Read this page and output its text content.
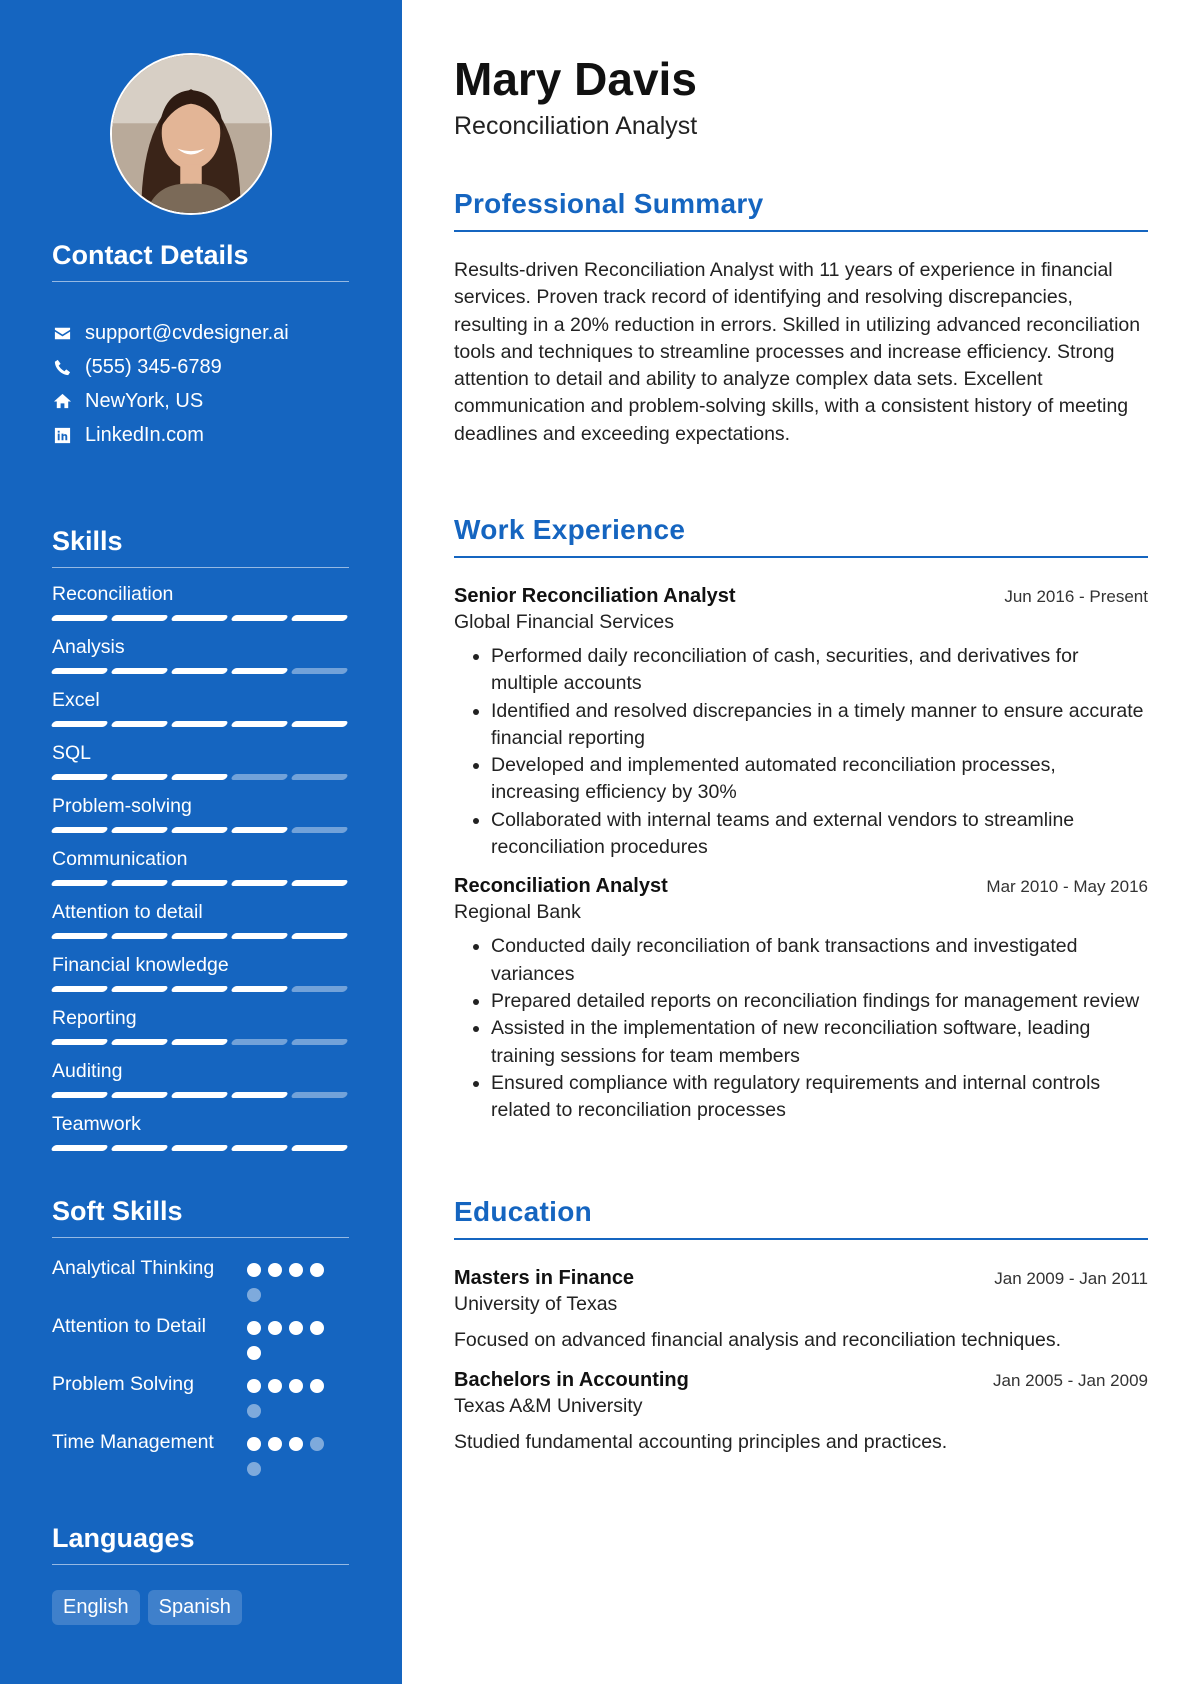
Contact Details
support@cvdesigner.ai
(555) 345-6789
NewYork, US
LinkedIn.com
Skills
Reconciliation
Analysis
Excel
SQL
Problem-solving
Communication
Attention to detail
Financial knowledge
Reporting
Auditing
Teamwork
Soft Skills
Analytical Thinking
Attention to Detail
Problem Solving
Time Management
Languages
English	Spanish
Mary Davis
Reconciliation Analyst
Professional Summary

Results-driven Reconciliation Analyst with 11 years of experience in financial services. Proven track record of identifying and resolving discrepancies, resulting in a 20% reduction in errors. Skilled in utilizing advanced reconciliation tools and techniques to streamline processes and increase efficiency. Strong attention to detail and ability to analyze complex data sets. Excellent communication and problem-solving skills, with a consistent history of meeting deadlines and exceeding expectations.

Work Experience
Senior Reconciliation Analyst	Jun 2016 - Present
Global Financial Services
• Performed daily reconciliation of cash, securities, and derivatives for multiple accounts
• Identified and resolved discrepancies in a timely manner to ensure accurate financial reporting
• Developed and implemented automated reconciliation processes, increasing efficiency by 30%
• Collaborated with internal teams and external vendors to streamline reconciliation procedures
Reconciliation Analyst	Mar 2010 - May 2016
Regional Bank
• Conducted daily reconciliation of bank transactions and investigated variances
• Prepared detailed reports on reconciliation findings for management review
• Assisted in the implementation of new reconciliation software, leading training sessions for team members
• Ensured compliance with regulatory requirements and internal controls related to reconciliation processes
Education
Masters in Finance	Jan 2009 - Jan 2011
University of Texas

Focused on advanced financial analysis and reconciliation techniques.

Bachelors in Accounting	Jan 2005 - Jan 2009
Texas A&M University

Studied fundamental accounting principles and practices.
